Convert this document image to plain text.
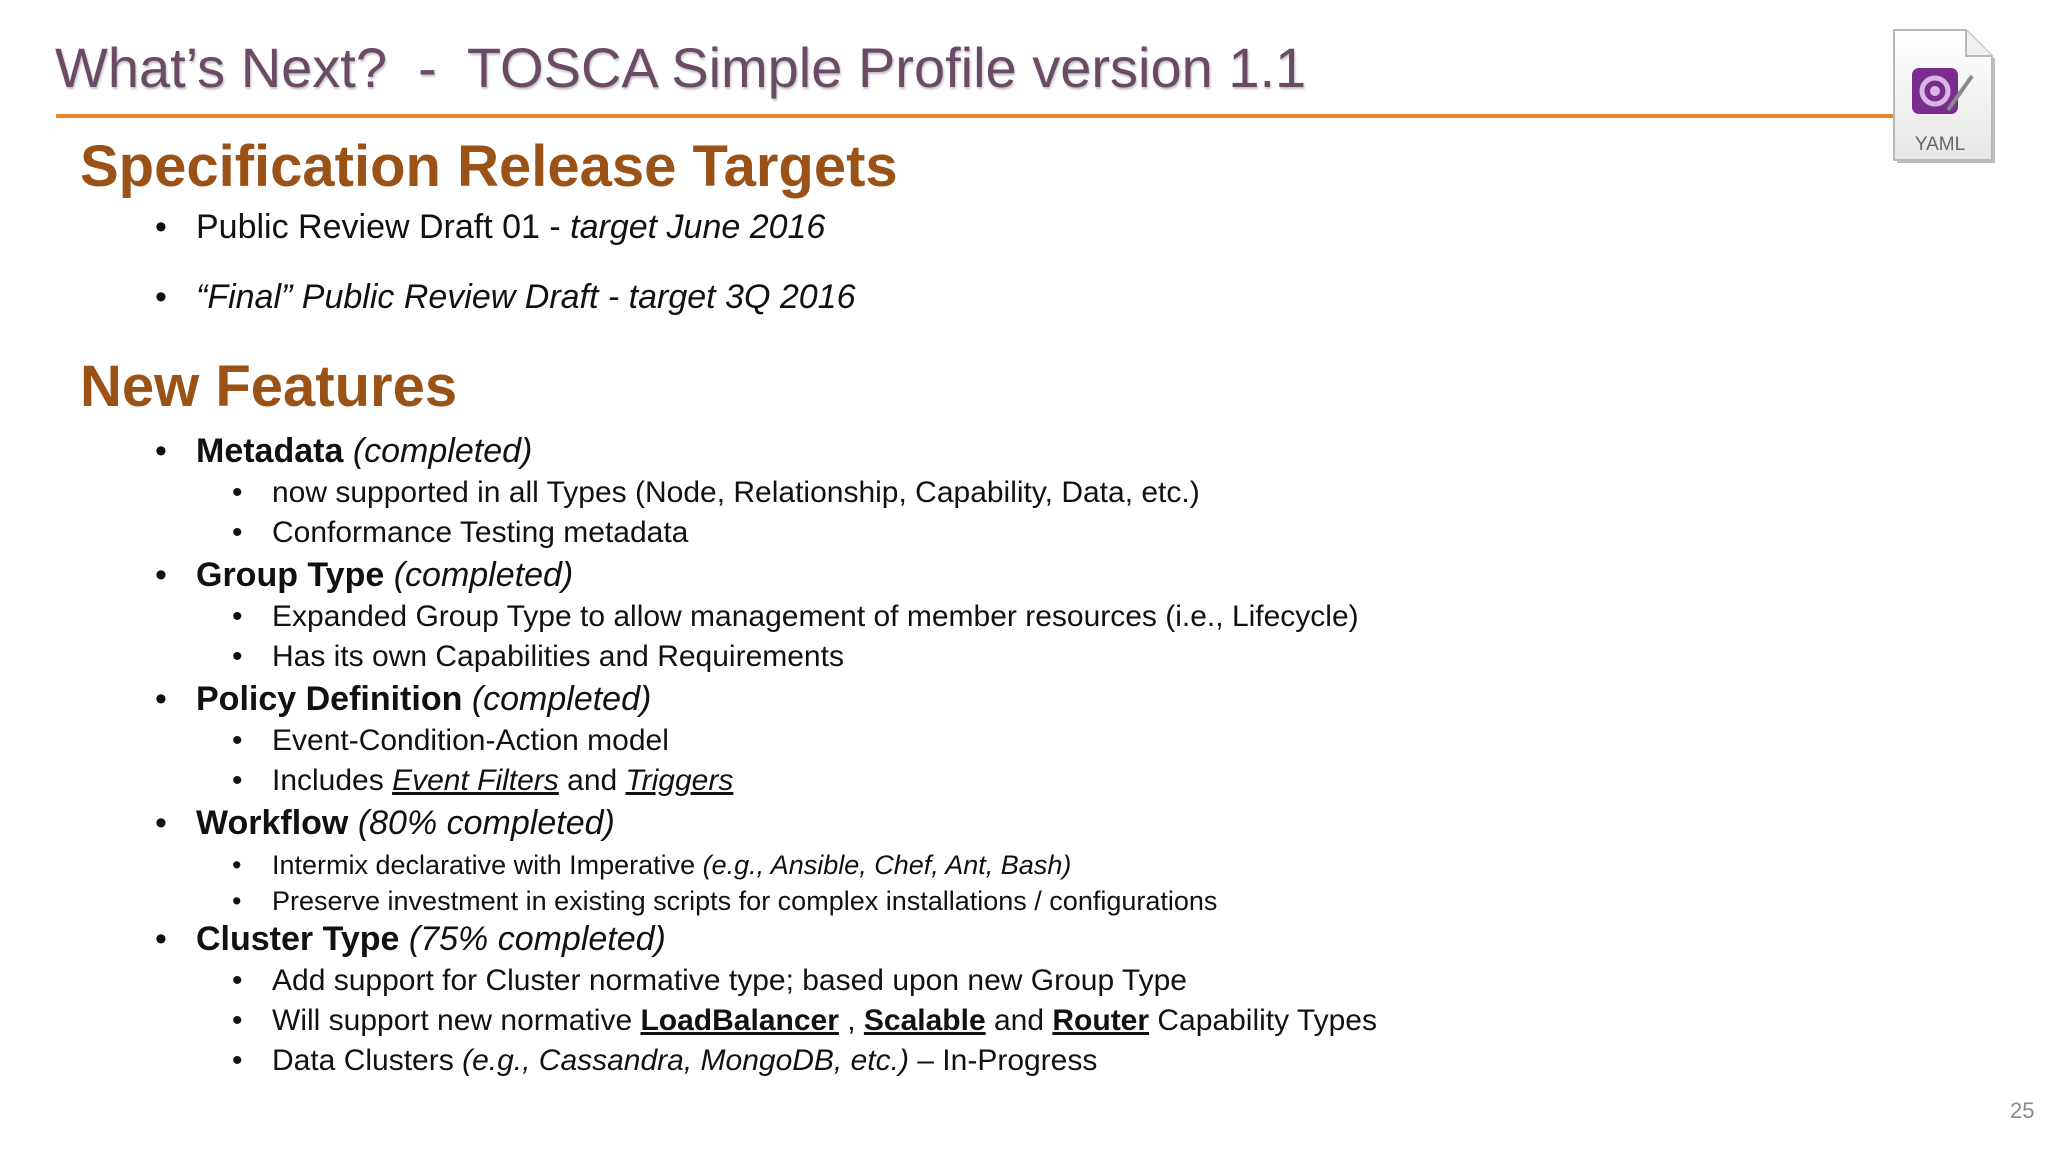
What’s Next?  -  TOSCA Simple Profile version 1.1
YAML
Specification Release Targets
• Public Review Draft 01 - target June 2016
• “Final” Public Review Draft - target 3Q 2016
New Features
• Metadata (completed)
• now supported in all Types (Node, Relationship, Capability, Data, etc.)
• Conformance Testing metadata
• Group Type (completed)
• Expanded Group Type to allow management of member resources (i.e., Lifecycle)
• Has its own Capabilities and Requirements
• Policy Definition (completed)
• Event-Condition-Action model
• Includes Event Filters and Triggers
• Workflow (80% completed)
•	Intermix declarative with Imperative (e.g., Ansible, Chef, Ant, Bash)
•	Preserve investment in existing scripts for complex installations / configurations
• Cluster Type (75% completed)
• Add support for Cluster normative type; based upon new Group Type
• Will support new normative LoadBalancer , Scalable and Router Capability Types
• Data Clusters (e.g., Cassandra, MongoDB, etc.) – In-Progress
25
